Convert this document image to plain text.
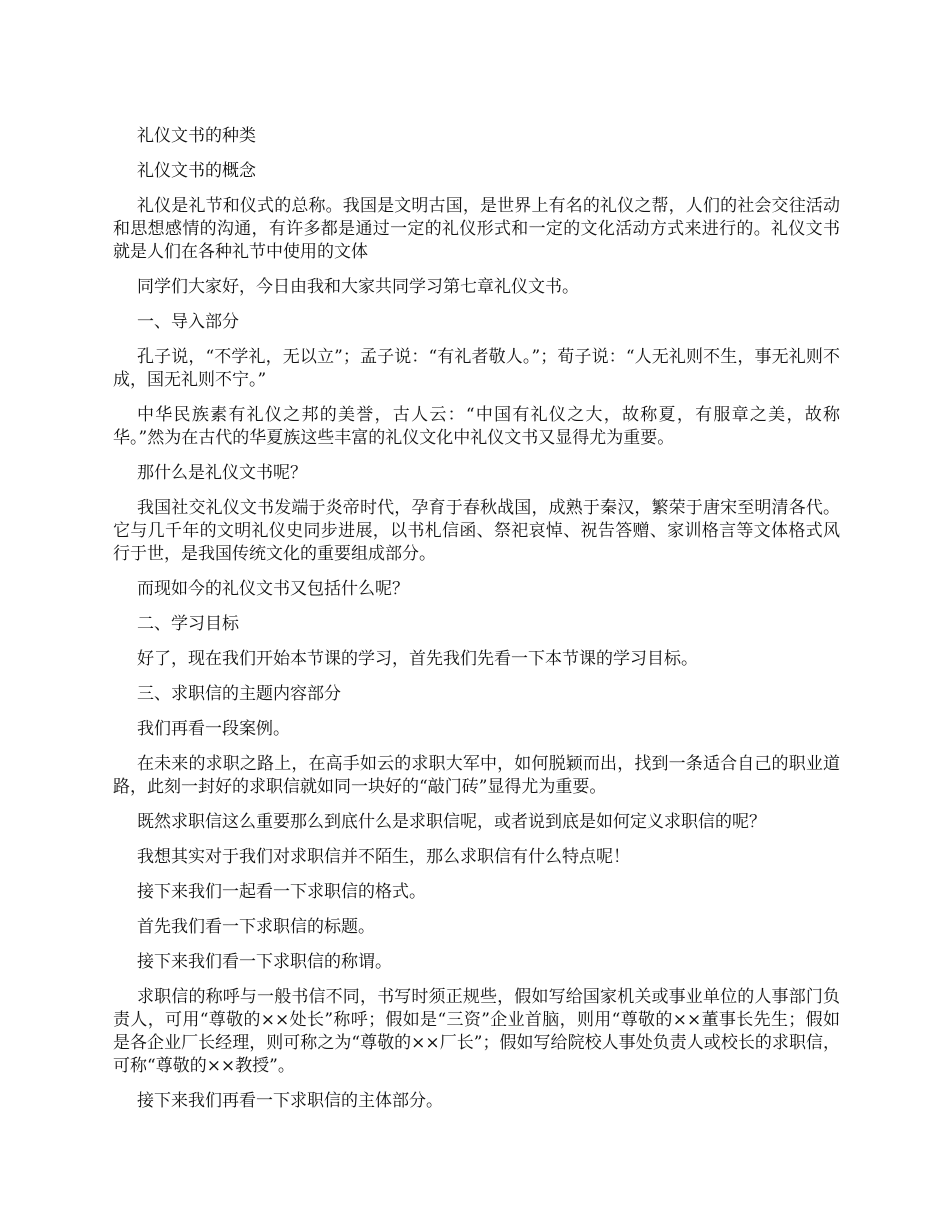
礼仪文书的种类

礼仪文书的概念

礼仪是礼节和仪式的总称。我国是文明古国，是世界上有名的礼仪之帮，人们的社会交往活动和思想感情的沟通，有许多都是通过一定的礼仪形式和一定的文化活动方式来进行的。礼仪文书就是人们在各种礼节中使用的文体

同学们大家好，今日由我和大家共同学习第七章礼仪文书。

一、导入部分

孔子说，“不学礼，无以立”；孟子说：“有礼者敬人。”；荀子说：“人无礼则不生，事无礼则不成，国无礼则不宁。”

中华民族素有礼仪之邦的美誉，古人云：“中国有礼仪之大，故称夏，有服章之美，故称华。”然为在古代的华夏族这些丰富的礼仪文化中礼仪文书又显得尤为重要。

那什么是礼仪文书呢？

我国社交礼仪文书发端于炎帝时代，孕育于春秋战国，成熟于秦汉，繁荣于唐宋至明清各代。它与几千年的文明礼仪史同步进展，以书札信函、祭祀哀悼、祝告答赠、家训格言等文体格式风行于世，是我国传统文化的重要组成部分。

而现如今的礼仪文书又包括什么呢？

二、学习目标

好了，现在我们开始本节课的学习，首先我们先看一下本节课的学习目标。

三、求职信的主题内容部分

我们再看一段案例。

在未来的求职之路上，在高手如云的求职大军中，如何脱颖而出，找到一条适合自己的职业道路，此刻一封好的求职信就如同一块好的“敲门砖”显得尤为重要。

既然求职信这么重要那么到底什么是求职信呢，或者说到底是如何定义求职信的呢？

我想其实对于我们对求职信并不陌生，那么求职信有什么特点呢！

接下来我们一起看一下求职信的格式。

首先我们看一下求职信的标题。

接下来我们看一下求职信的称谓。

求职信的称呼与一般书信不同，书写时须正规些，假如写给国家机关或事业单位的人事部门负责人，可用“尊敬的××处长”称呼；假如是“三资”企业首脑，则用“尊敬的××董事长先生；假如是各企业厂长经理，则可称之为“尊敬的××厂长”；假如写给院校人事处负责人或校长的求职信，可称“尊敬的××教授”。

接下来我们再看一下求职信的主体部分。
